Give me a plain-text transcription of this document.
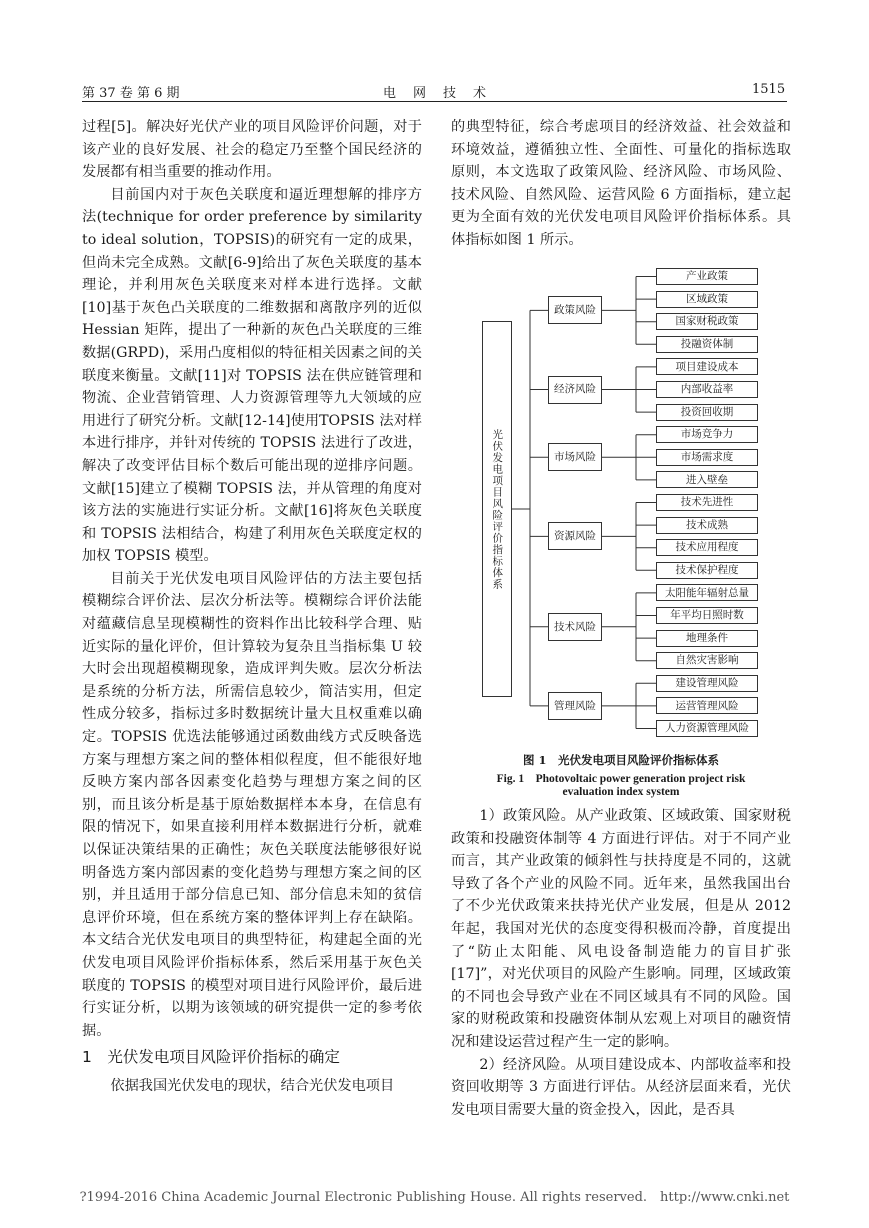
第 37 卷 第 6 期	电　网　技　术	1515

过程[5]。解决好光伏产业的项目风险评价问题，对于该产业的良好发展、社会的稳定乃至整个国民经济的发展都有相当重要的推动作用。

目前国内对于灰色关联度和逼近理想解的排序方法(technique for order preference by similarity to ideal solution，TOPSIS)的研究有一定的成果，但尚未完全成熟。文献[6-9]给出了灰色关联度的基本理论，并利用灰色关联度来对样本进行选择。文献[10]基于灰色凸关联度的二维数据和离散序列的近似Hessian 矩阵，提出了一种新的灰色凸关联度的三维数据(GRPD)，采用凸度相似的特征相关因素之间的关联度来衡量。文献[11]对 TOPSIS 法在供应链管理和物流、企业营销管理、人力资源管理等九大领域的应用进行了研究分析。文献[12-14]使用TOPSIS 法对样本进行排序，并针对传统的 TOPSIS 法进行了改进，解决了改变评估目标个数后可能出现的逆排序问题。文献[15]建立了模糊 TOPSIS 法，并从管理的角度对该方法的实施进行实证分析。文献[16]将灰色关联度和 TOPSIS 法相结合，构建了利用灰色关联度定权的加权 TOPSIS 模型。

目前关于光伏发电项目风险评估的方法主要包括模糊综合评价法、层次分析法等。模糊综合评价法能对蕴藏信息呈现模糊性的资料作出比较科学合理、贴近实际的量化评价，但计算较为复杂且当指标集 U 较大时会出现超模糊现象，造成评判失败。层次分析法是系统的分析方法，所需信息较少，简洁实用，但定性成分较多，指标过多时数据统计量大且权重难以确定。TOPSIS 优选法能够通过函数曲线方式反映备选方案与理想方案之间的整体相似程度，但不能很好地反映方案内部各因素变化趋势与理想方案之间的区别，而且该分析是基于原始数据样本本身，在信息有限的情况下，如果直接利用样本数据进行分析，就难以保证决策结果的正确性；灰色关联度法能够很好说明备选方案内部因素的变化趋势与理想方案之间的区别，并且适用于部分信息已知、部分信息未知的贫信息评价环境，但在系统方案的整体评判上存在缺陷。本文结合光伏发电项目的典型特征，构建起全面的光伏发电项目风险评价指标体系，然后采用基于灰色关联度的 TOPSIS 的模型对项目进行风险评价，最后进行实证分析，以期为该领域的研究提供一定的参考依据。

1　光伏发电项目风险评价指标的确定

依据我国光伏发电的现状，结合光伏发电项目

的典型特征，综合考虑项目的经济效益、社会效益和环境效益，遵循独立性、全面性、可量化的指标选取原则，本文选取了政策风险、经济风险、市场风险、技术风险、自然风险、运营风险 6 方面指标，建立起更为全面有效的光伏发电项目风险评价指标体系。具体指标如图 1 所示。

光伏发电项目风险评价指标体系
政策风险
产业政策
区域政策
国家财税政策
投融资体制
经济风险
项目建设成本
内部收益率
投资回收期
市场风险
市场竞争力
市场需求度
进入壁垒
资源风险
技术先进性
技术成熟
技术应用程度
技术保护程度
技术风险
太阳能年辐射总量
年平均日照时数
地理条件
自然灾害影响
管理风险
建设管理风险
运营管理风险
人力资源管理风险
图 1　光伏发电项目风险评价指标体系
Fig. 1　Photovoltaic power generation project risk
evaluation index system

1）政策风险。从产业政策、区域政策、国家财税政策和投融资体制等 4 方面进行评估。对于不同产业而言，其产业政策的倾斜性与扶持度是不同的，这就导致了各个产业的风险不同。近年来，虽然我国出台了不少光伏政策来扶持光伏产业发展，但是从 2012 年起，我国对光伏的态度变得积极而冷静，首度提出了“防止太阳能、风电设备制造能力的盲目扩张[17]”，对光伏项目的风险产生影响。同理，区域政策的不同也会导致产业在不同区域具有不同的风险。国家的财税政策和投融资体制从宏观上对项目的融资情况和建设运营过程产生一定的影响。

2）经济风险。从项目建设成本、内部收益率和投资回收期等 3 方面进行评估。从经济层面来看，光伏发电项目需要大量的资金投入，因此，是否具

?1994-2016 China Academic Journal Electronic Publishing House. All rights reserved.　http://www.cnki.net
